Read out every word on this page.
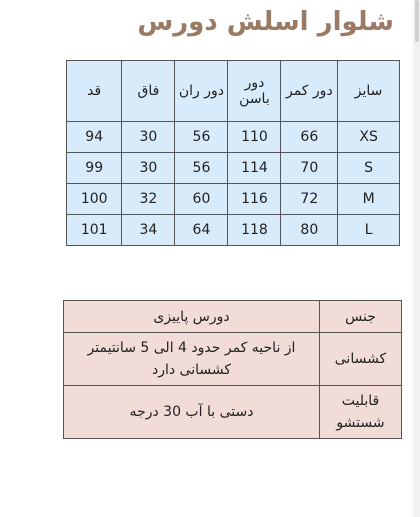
شلوار اسلش دورس
سایز	دور کمر	دور باسن	دور ران	فاق	قد
XS	66	110	56	30	94
S	70	114	56	30	99
M	72	116	60	32	100
L	80	118	64	34	101
جنس	دورس پاییزی
کشسانی	از ناحیه کمر حدود 4 الی 5 سانتیمتر کشسانی دارد
قابلیت شستشو	دستی با آب 30 درجه
